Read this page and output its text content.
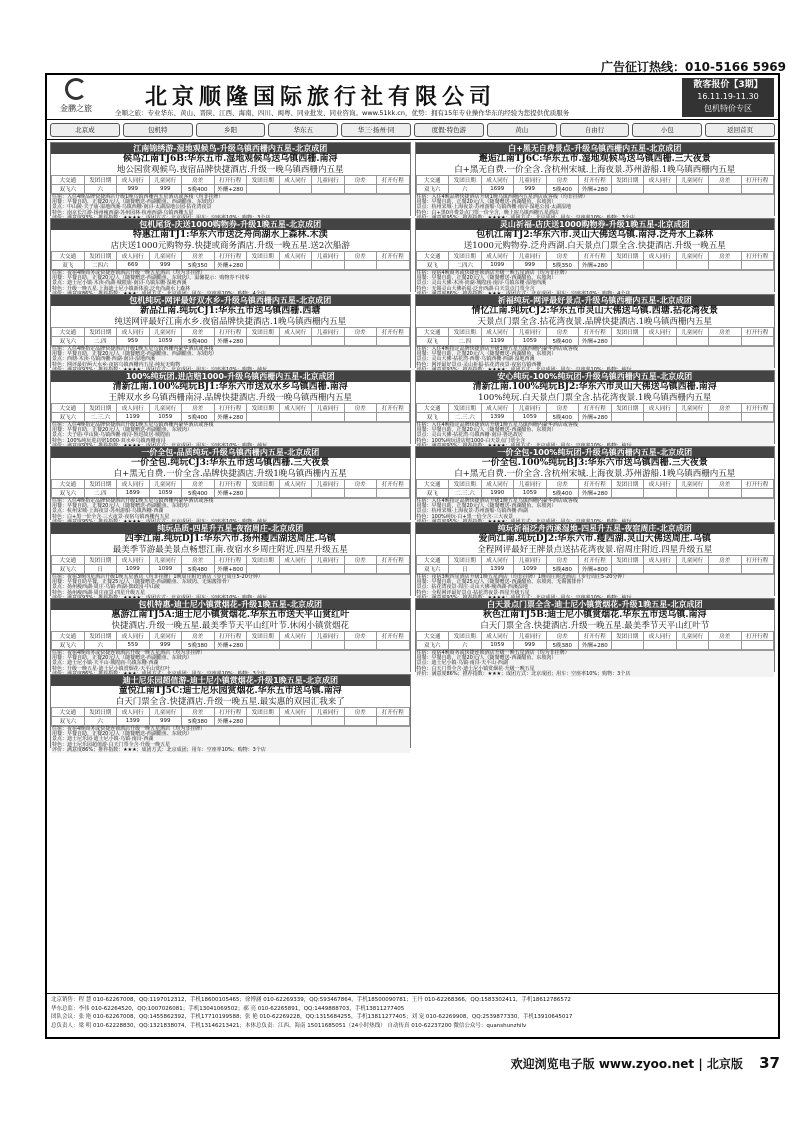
广告征订热线：010-5166 5969
金鹏之旅	北京顺隆国际旅行社有限公司
全顺之旅：专业华东、黄山、晋陕、江西、海南、四川、闽粤、同业批发、同业咨询。www.51kk.cn，优势：拥有15年专业操作华东的经验为您提供优质服务
散客报价【3期】
16.11.19-11.30
包机特价专区
北京成	包机特	乡阳	华东五	华三·扬州·同	度假·特色游	黄山	自由行	小包	返回首页
江南锦绣游-湿地观候鸟-升级乌镇西栅内五星-北京成团
候鸟江南TJ6B:华东五市.湿地观候鸟送乌镇西栅.南浔
地公园赏观候鸟.夜宿品牌快捷酒店.升级一晚乌镇西栅内五星
大交通	发团日期	成人同行	儿童同行	房差	打开行程	发团日期	成人同行	儿童同行	房差	打开行程
双飞六	六	999	999	5晚400	外酬+280					
住宿：入住4晚品牌快捷酒店升级1晚乌镇西栅内五星酒店或客栈（均非挂牌）
用餐：早餐自助，正餐20元/人（随餐赠送-西湖醋鱼、西湖醋鱼、东坡肉）
景点：中山陵·夫子庙·湿地西溪·乌镇西栅·南浔·太湖湿地公园·拈花湾夜景
特色：南京长江游·扬州瘦西湖·苏州园林·杭州西湖·乌镇西栅五星
白+黑无自费景点-升级乌镇西栅内五星-北京成团
邂逅江南TJ6C:华东五市.湿地观候鸟送乌镇西栅.三大夜景
白+黑无自费.一价全含.含杭州宋城.上海夜景.苏州游船.1晚乌镇西栅内五星
大交通	发团日期	成人同行	儿童同行	房差	打开行程	发团日期	成人同行	儿童同行	房差	打开行程
双飞六	六	1699	999	5晚400	外酬+280					
住宿：入住4晚品牌快捷酒店升级1晚乌镇西栅内五星酒店或客栈（均非挂牌）
用餐：早餐自助，正餐20元/人（随餐赠送-西湖醋鱼、东坡肉）
景点：杭州宋城·上海夜景·苏州游船·乌镇西栅·南浔·湿地公园·太湖湿地
特色：白+黑0自费景点门票一价全含，晚上宿乌镇西栅五星酒店
包机尾货-庆送1000购物券-升级1晚五星-北京成团
特惠江南TJ1:华东六市送泛舟尚湖水上森林.木渎
店庆送1000元购物券.快捷或商务酒店.升级一晚五星.送2次船游
大交通	发团日期	成人同行	儿童同行	房差	打开行程	发团日期	成人同行	儿童同行	房差	打开行程
双飞	二四六	669	999	5晚350	外酬+280					
住宿：夜宿4晚商务或快捷连锁酒店升级一晚五星酒店（均为非挂牌）
用餐：早餐自助，正餐20元/人（随餐赠送-西湖醋鱼、东坡肉）。温馨提示：购物券不找零
景点：迪士尼小镇·木渎·尚湖·城隍庙·南浔·乌镇东栅·湿地西溪
特色：升级一晚五星.上海迪士尼小镇新体验.泛舟尚湖水上森林
灵山祈福-店庆送1000购物券-升级1晚五星-北京成团
包机江南TJ2:华东六市.灵山大佛送乌镇.南浔.泛舟水上森林
送1000元购物券.泛舟西湖.白天景点门票全含.快捷酒店.升级一晚五星
大交通	发团日期	成人同行	儿童同行	房差	打开行程	发团日期	成人同行	儿童同行	房差	打开行程
双飞	二四六	1099	999	5晚350	外酬+280					
住宿：夜宿4晚商务或快捷连锁酒店升级一晚五星酒店（均为非挂牌）
用餐：早餐自助，正餐20元/人（随餐赠送-西湖醋鱼、东坡肉）
景点：灵山大佛·木渎·尚湖·城隍庙·南浔·乌镇东栅·湿地西溪
特色：无锡灵山大佛祈福·泛舟西湖·白天景点门票全含
包机纯玩-网评最好双水乡-升级乌镇西栅内五星-北京成团
新品江南.纯玩CJ1:华东五市送乌镇西栅.西塘
纯送网评最好江南水乡.夜宿品牌快捷酒店.1晚乌镇西栅内五星
大交通	发团日期	成人同行	儿童同行	房差	打开行程	发团日期	成人同行	儿童同行	房差	打开行程
双飞六	二.四	959	1059	5晚400	外酬+280					
住宿：入住4晚指定品牌快捷酒店升级1晚五星乌镇西栅内豪华酒店或客栈
用餐：早餐自助，正餐20元/人（随餐赠送-西湖醋鱼、西湖醋鱼、东坡肉）
景点：西塘·木渎·乌镇西栅·西湖·南浔·湿地西溪
特色：网评最好两大水乡·夜宿乌镇西栅内五星·纯玩无购物
祈福纯玩-网评最好景点-升级乌镇西栅内五星-北京成团
情忆江南.纯玩CJ2:华东五市灵山大佛送乌镇.西塘.拈花湾夜景
天景点门票全含.拈花湾夜景.品牌快捷酒店.1晚乌镇西栅内五星
大交通	发团日期	成人同行	儿童同行	房差	打开行程	发团日期	成人同行	儿童同行	房差	打开行程
双飞	二.四	1199	1059	5晚400	外酬+280					
住宿：入住4晚指定品牌快捷酒店升级1晚五星乌镇西栅内豪华酒店或客栈
用餐：早餐自助，正餐20元/人（随餐赠送-西湖醋鱼、东坡肉）
景点：灵山大佛·拈花湾·西塘·乌镇西栅·西湖·湿地西溪
特色：网评最好景点·灵山祈福·拈花湾夜景·夜宿乌镇西栅
100%纯玩团.进店赔1000-升级乌镇西栅内五星-北京成团
清新江南.100%纯玩BJ1:华东六市送双水乡乌镇西栅.南浔
王牌双水乡乌镇西栅南浔.品牌快捷酒店.升级一晚乌镇西栅内五星
大交通	发团日期	成人同行	儿童同行	房差	打开行程	发团日期	成人同行	儿童同行	房差	打开行程
双飞六	二.三.六	1199	1059	5晚400	外酬+280					
住宿：入住4晚指定品牌快捷酒店升级1晚五星乌镇西栅内豪华酒店或客栈
用餐：早餐自助，正餐20元/人（随餐赠送-西湖醋鱼、东坡肉）
景点：夫子庙·中山陵·乌镇西栅·南浔·鲁迅故居·城隍庙
特色：100%纯玩进店赔1000·双水乡乌镇西栅南浔
安心纯玩-100%纯玩团-升级乌镇西栅内五星-北京成团
清新江南.100%纯玩BJ2:华东六市灵山大佛送乌镇西栅.南浔
100%纯玩.白天景点门票全含.拈花湾夜景.1晚乌镇西栅内五星
大交通	发团日期	成人同行	儿童同行	房差	打开行程	发团日期	成人同行	儿童同行	房差	打开行程
双飞	二.三.六	1399	1059	5晚400	外酬+280					
住宿：入住4晚指定品牌快捷酒店升级1晚五星乌镇西栅内豪华酒店或客栈
用餐：早餐自助，正餐20元/人（随餐赠送-西湖醋鱼、东坡肉）
景点：灵山大佛·拈花湾·乌镇西栅·南浔·鲁迅故居
特色：100%纯玩进店赔1000·白天景点门票全含
一价全包-品质纯玩-升级乌镇西栅内五星-北京成团
一价全包.纯玩CJ3:华东五市送乌镇西栅.三大夜景
白+黑无自费.一价全含.品牌快捷酒店.升级1晚乌镇西栅内五星
大交通	发团日期	成人同行	儿童同行	房差	打开行程	发团日期	成人同行	儿童同行	房差	打开行程
双飞六	二.四	1899	1059	5晚400	外酬+280					
住宿：入住4晚指定品牌快捷酒店升级1晚五星乌镇西栅内豪华酒店或客栈
用餐：早餐自助，正餐20元/人（随餐赠送-西湖醋鱼、东坡肉）
景点：杭州宋城·上海夜景·苏州游船·乌镇西栅·西湖
特色：白+黑一价全含·三大夜景·夜宿乌镇西栅内五星
一价全包-100%纯玩团-升级乌镇西栅内五星-北京成团
一价全包.100%纯玩BJ3:华东六市送乌镇西栅.三大夜景
白+黑无自费.一价全含.含杭州宋城.上海夜景.苏州游船.1晚乌镇西栅内五星
大交通	发团日期	成人同行	儿童同行	房差	打开行程	发团日期	成人同行	儿童同行	房差	打开行程
双飞	二.三.六	1990	1059	5晚400	外酬+280					
住宿：入住4晚指定品牌快捷酒店升级1晚五星乌镇西栅内豪华酒店或客栈
用餐：早餐自助，正餐20元/人（随餐赠送-西湖醋鱼、东坡肉）
景点：杭州宋城·上海夜景·苏州游船·乌镇西栅·西湖
特色：100%纯玩·白+黑一价全含·三大夜景
纯玩品质-四星升五星-夜宿周庄-北京成团
四季江南.纯玩DJ1:华东六市.扬州瘦西湖送周庄.乌镇
最美季节游最美景点畅想江南.夜宿水乡周庄附近.四星升级五星
大交通	发团日期	成人同行	儿童同行	房差	打开行程	发团日期	成人同行	儿童同行	房差	打开行程
双飞六	日	1099	1099	5晚480	外酬+800					
住宿：夜宿3晚四星酒店升级1晚五星酒店（均非挂牌）1晚周庄附近酒店（步行周庄5-20分钟）
用餐：早餐自助早餐，正餐25元/人（随餐赠送-西湖醋鱼、东坡肉、无锡酱排骨）
景点：扬州瘦西湖·周庄·乌镇·西湖·拙政园·中山陵
特色：扬州瘦西湖·周庄夜景·四星升级五星
纯玩祈福泛舟西溪湿地-四星升五星-夜宿周庄-北京成团
爱尚江南.纯玩DJ2:华东六市.瘦西湖.灵山大佛送周庄.乌镇
全程网评最好王牌景点送拈花湾夜景.宿周庄附近.四星升级五星
大交通	发团日期	成人同行	儿童同行	房差	打开行程	发团日期	成人同行	儿童同行	房差	打开行程
双飞六	日	1399	1099	5晚480	外酬+800					
住宿：夜宿3晚四星酒店升级1晚五星酒店（均非挂牌）1晚周庄附近酒店（步行周庄5-20分钟）
用餐：早餐自助，正餐25元/人（随餐赠送-西湖醋鱼、东坡肉、无锡酱排骨）
景点：拈花湾夜景·周庄·灵山大佛·瘦西湖·西溪湿地
特色：全程网评最好景点·拈花湾夜景·四星升级五星
包机特惠-迪士尼小镇赏烟花-升级1晚五星-北京成团
惠游江南TJ5A:迪士尼小镇赏烟花.华东五市送天平山赏红叶
快捷酒店.升级一晚五星.最美季节天平山红叶节.休闲小镇赏烟花
大交通	发团日期	成人同行	儿童同行	房差	打开行程	发团日期	成人同行	儿童同行	房差	打开行程
双飞六	六	559	999	5晚380	外酬+280					
住宿：夜宿4晚商务或快捷连锁酒店升级一晚五星酒店（均为非挂牌）
用餐：早餐自助，正餐20元/人（随餐赠送-西湖醋鱼、东坡肉）
景点：迪士尼小镇·天平山·城隍庙·乌镇东栅·西湖
特色：升级一晚五星·迪士尼小镇赏烟花·天平山赏红叶
白天景点门票全含-迪士尼小镇赏烟花-升级1晚五星-北京成团
秋色江南TJ5B:迪士尼小镇赏烟花.华东五市送乌镇.南浔
白天门票全含.快捷酒店.升级一晚五星.最美季节天平山红叶节
大交通	发团日期	成人同行	儿童同行	房差	打开行程	发团日期	成人同行	儿童同行	房差	打开行程
双飞六	六	1059	999	5晚380	外酬+280					
住宿：夜宿4晚商务或快捷连锁酒店升级一晚五星酒店（均为非挂牌）
用餐：早餐自助，正餐20元/人（随餐赠送-西湖醋鱼、东坡肉）
景点：迪士尼小镇·乌镇·南浔·天平山·西湖
特色：白天门票全含·迪士尼小镇赏烟花·升级一晚五星
评价：满意度86%；推荐指数：★★★；成团方式：北京成团；用车：空座率10%；购物：3个店
迪士尼乐园超值游-迪士尼小镇赏烟花-升级1晚五星-北京成团
童悦江南TJ5C:迪士尼乐园赏烟花.华东五市送乌镇.南浔
白天门票全含.快捷酒店.升级一晚五星.最实惠的双园汇我来了
大交通	发团日期	成人同行	儿童同行	房差	打开行程	发团日期	成人同行	儿童同行	房差	打开行程
双飞六	六	1399	999	5晚380	外酬+280					
住宿：夜宿4晚商务或快捷连锁酒店升级一晚五星酒店（均为非挂牌）
用餐：早餐自助，正餐20元/人（随餐赠送-西湖醋鱼、东坡肉）
景点：迪士尼乐园·迪士尼小镇·乌镇·南浔·西湖
特色：迪士尼乐园超值游·白天门票全含·升级一晚五星
评价：满意度86%；推荐指数：★★★；成团方式：北京成团；用车：空座率10%；购物：3个店
北京销售：程 慧 010-62267008，QQ:1197012312，手机18600105465；徐博涵 010-62269339，QQ:593467864，手机18500090781；王丹 010-62268366，QQ:1583302411，手机18612786572
华东总监：李伟 010-62264520，QQ:1007026081；手机13041069502；郝 亮 010-62265891，QQ:1449888703，手机13811277405
团队会议：张 艳 010-62267008，QQ:1455862392，手机17710199588；张 艳 010-62269228，QQ:1315684255，手机13811277405；刘 宠 010-62269908，QQ:2539877330，手机13910645017
总负责人：梁 明 010-62228830，QQ:1321838074，手机13146213421；本体总负责：江西、海南 15011685051（24小时热线） 自动传真 010-62237200 微信公众号：quanshunzhilv
欢迎浏览电子版 www.zyoo.net | 北京版 37
